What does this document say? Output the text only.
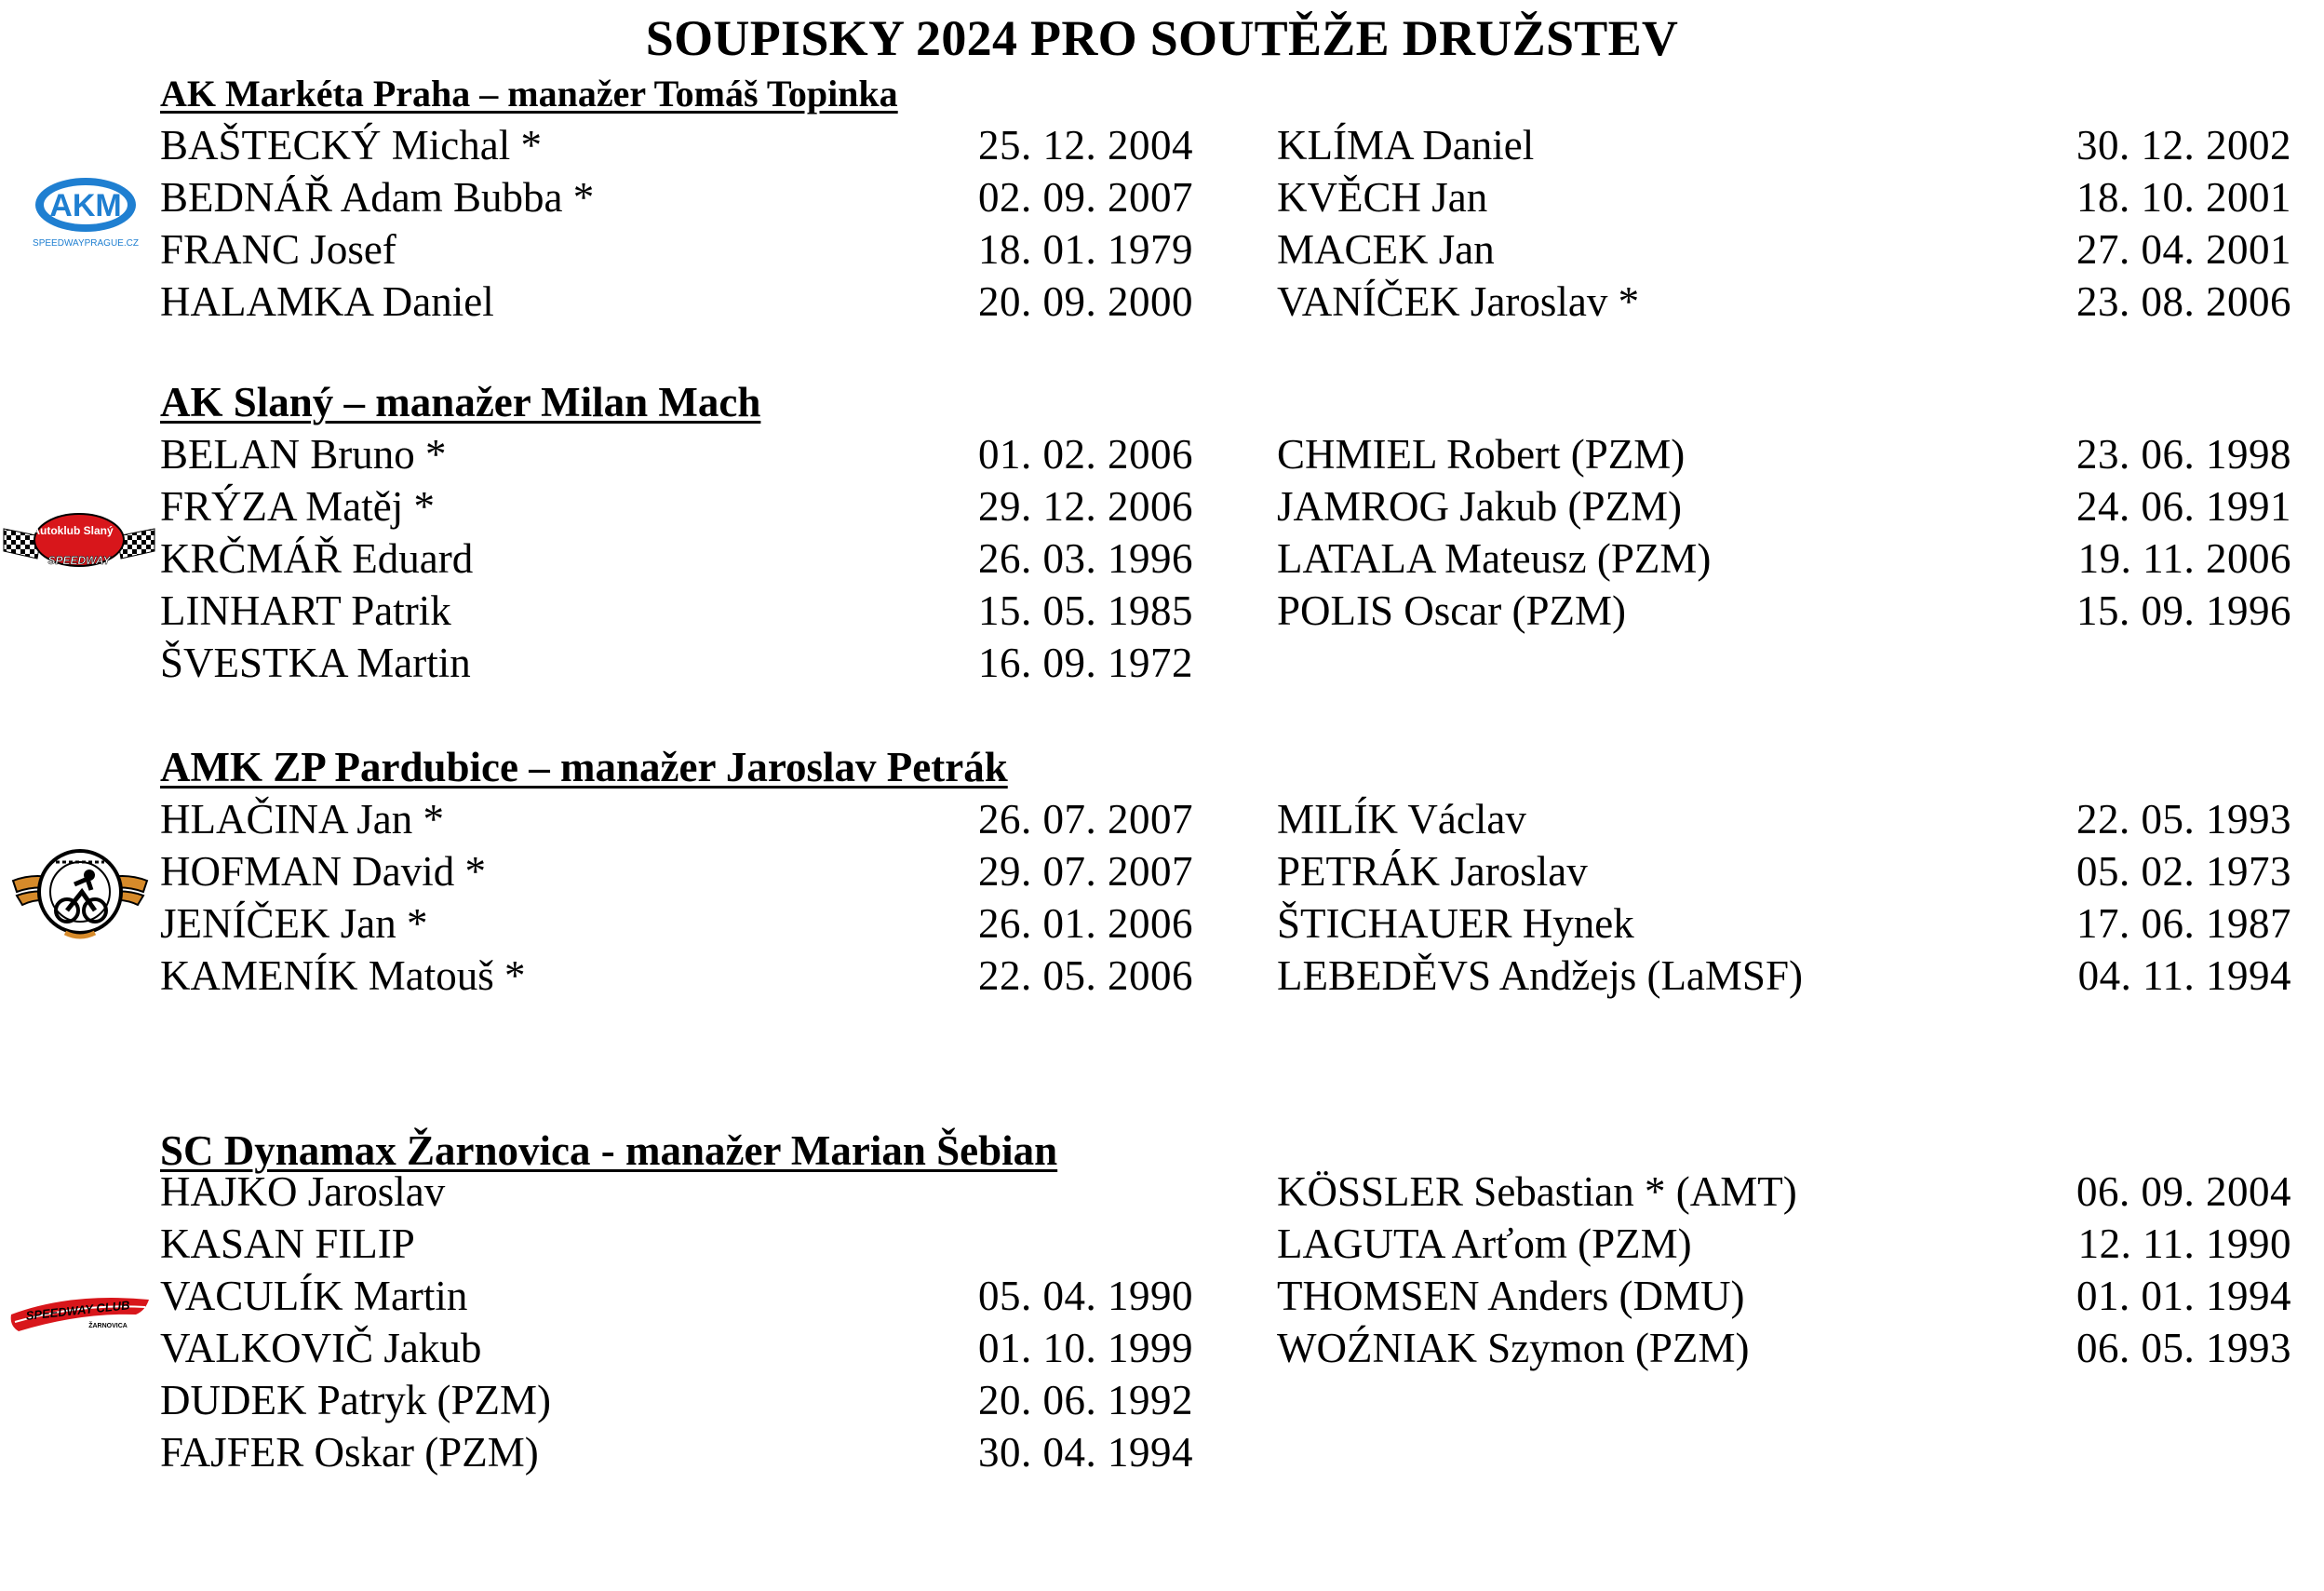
SOUPISKY 2024 PRO SOUTĚŽE DRUŽSTEV
AK Markéta Praha – manažer Tomáš Topinka
AKM
SPEEDWAYPRAGUE.CZ
BAŠTECKÝ Michal *	25. 12. 2004
BEDNÁŘ Adam Bubba *	02. 09. 2007
FRANC Josef	18. 01. 1979
HALAMKA Daniel	20. 09. 2000
KLÍMA Daniel	30. 12. 2002
KVĚCH Jan	18. 10. 2001
MACEK Jan	27. 04. 2001
VANÍČEK Jaroslav *	23. 08. 2006
AK Slaný – manažer Milan Mach
Autoklub Slaný
SPEEDWAY
BELAN Bruno *	01. 02. 2006
FRÝZA Matěj *	29. 12. 2006
KRČMÁŘ Eduard	26. 03. 1996
LINHART Patrik	15. 05. 1985
ŠVESTKA Martin	16. 09. 1972
CHMIEL Robert (PZM)	23. 06. 1998
JAMROG Jakub (PZM)	24. 06. 1991
LATALA Mateusz (PZM)	19. 11. 2006
POLIS Oscar (PZM)	15. 09. 1996
AMK ZP Pardubice – manažer Jaroslav Petrák
HLAČINA Jan *	26. 07. 2007
HOFMAN David *	29. 07. 2007
JENÍČEK Jan *	26. 01. 2006
KAMENÍK Matouš *	22. 05. 2006
MILÍK Václav	22. 05. 1993
PETRÁK Jaroslav	05. 02. 1973
ŠTICHAUER Hynek	17. 06. 1987
LEBEDĚVS Andžejs (LaMSF)	04. 11. 1994
SC Dynamax Žarnovica - manažer Marian Šebian
SPEEDWAY CLUB
ŽARNOVICA
HAJKO Jaroslav
KASAN FILIP
VACULÍK Martin	05. 04. 1990
VALKOVIČ Jakub	01. 10. 1999
DUDEK Patryk (PZM)	20. 06. 1992
FAJFER Oskar (PZM)	30. 04. 1994
KÖSSLER Sebastian * (AMT)	06. 09. 2004
LAGUTA Arťom (PZM)	12. 11. 1990
THOMSEN Anders (DMU)	01. 01. 1994
WOŹNIAK Szymon (PZM)	06. 05. 1993
